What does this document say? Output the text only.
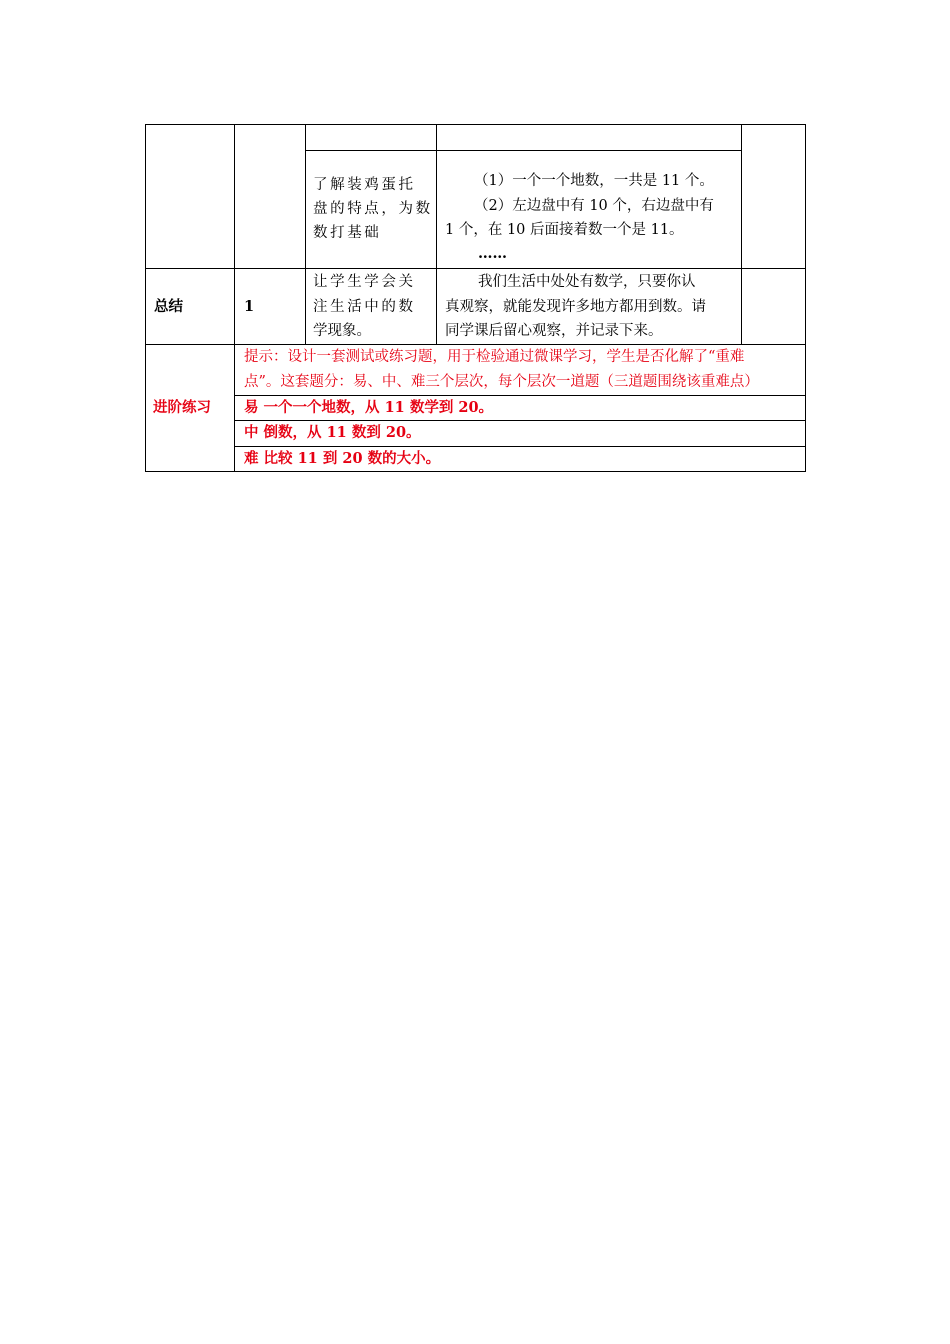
了解装鸡蛋托
盘的特点，为数
数打基础
（1）一个一个地数，一共是 11 个。
（2）左边盘中有 10 个，右边盘中有
1 个，在 10 后面接着数一个是 11。
……
总结	1
让学生学会关
注生活中的数
学现象。
我们生活中处处有数学，只要你认
真观察，就能发现许多地方都用到数。请
同学课后留心观察，并记录下来。
进阶练习
提示：设计一套测试或练习题，用于检验通过微课学习，学生是否化解了“重难
点”。这套题分：易、中、难三个层次，每个层次一道题（三道题围绕该重难点）
易 一个一个地数，从 11 数学到 20。
中 倒数，从 11 数到 20。
难 比较 11 到 20 数的大小。
